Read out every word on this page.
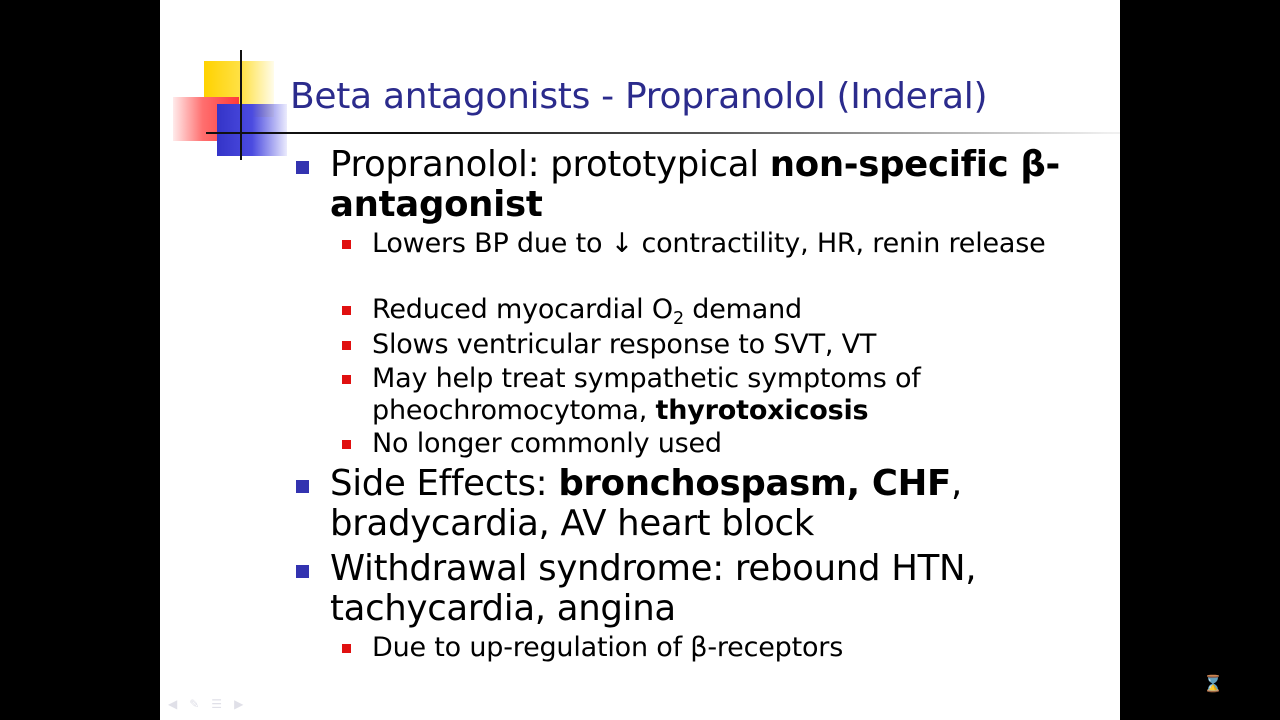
Beta antagonists - Propranolol (Inderal)
Propranolol: prototypical non-specific β-antagonist
Lowers BP due to ↓ contractility, HR, renin release
Reduced myocardial $O_2$ demand
Slows ventricular response to SVT, VT
May help treat sympathetic symptoms of pheochromocytoma, thyrotoxicosis
No longer commonly used
Side Effects: bronchospasm, CHF, bradycardia, AV heart block
Withdrawal syndrome: rebound HTN, tachycardia, angina
Due to up-regulation of β-receptors
◀ ✎ ☰ ▶
⌛
